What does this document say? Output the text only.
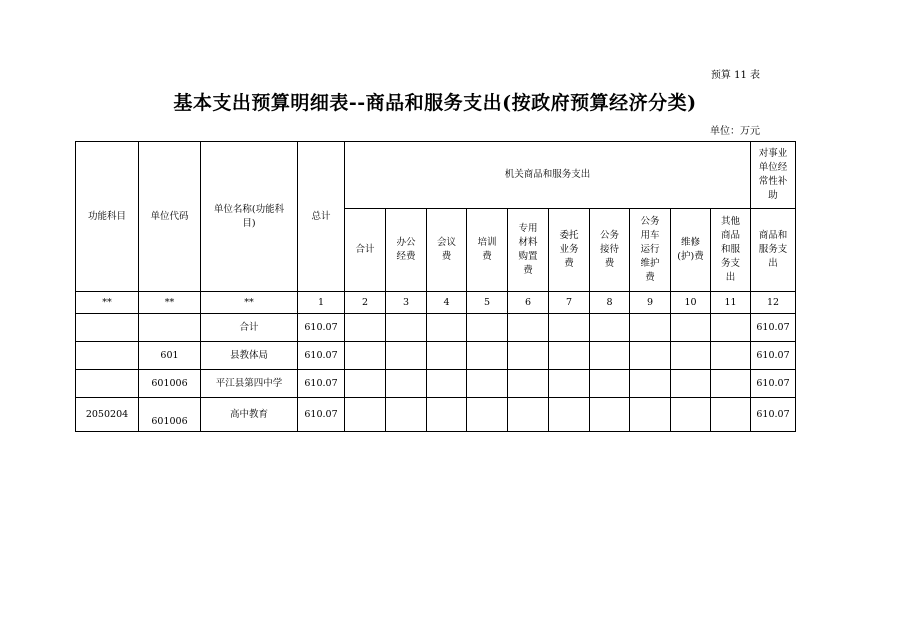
预算 11 表
基本支出预算明细表--商品和服务支出(按政府预算经济分类)
单位：万元
功能科目	单位代码	单位名称(功能科目)	总计	机关商品和服务支出										对事业单位经常性补助
				合计	办公经费	会议费	培训费	专用材料购置费	委托业务费	公务接待费	公务用车运行维护费	维修(护)费	其他商品和服务支出	商品和服务支出
**	**	**	1	2	3	4	5	6	7	8	9	10	11	12
		合计	610.07											610.07
	601	县教体局	610.07											610.07
	601006	平江县第四中学	610.07											610.07
2050204	601006	高中教育	610.07											610.07
